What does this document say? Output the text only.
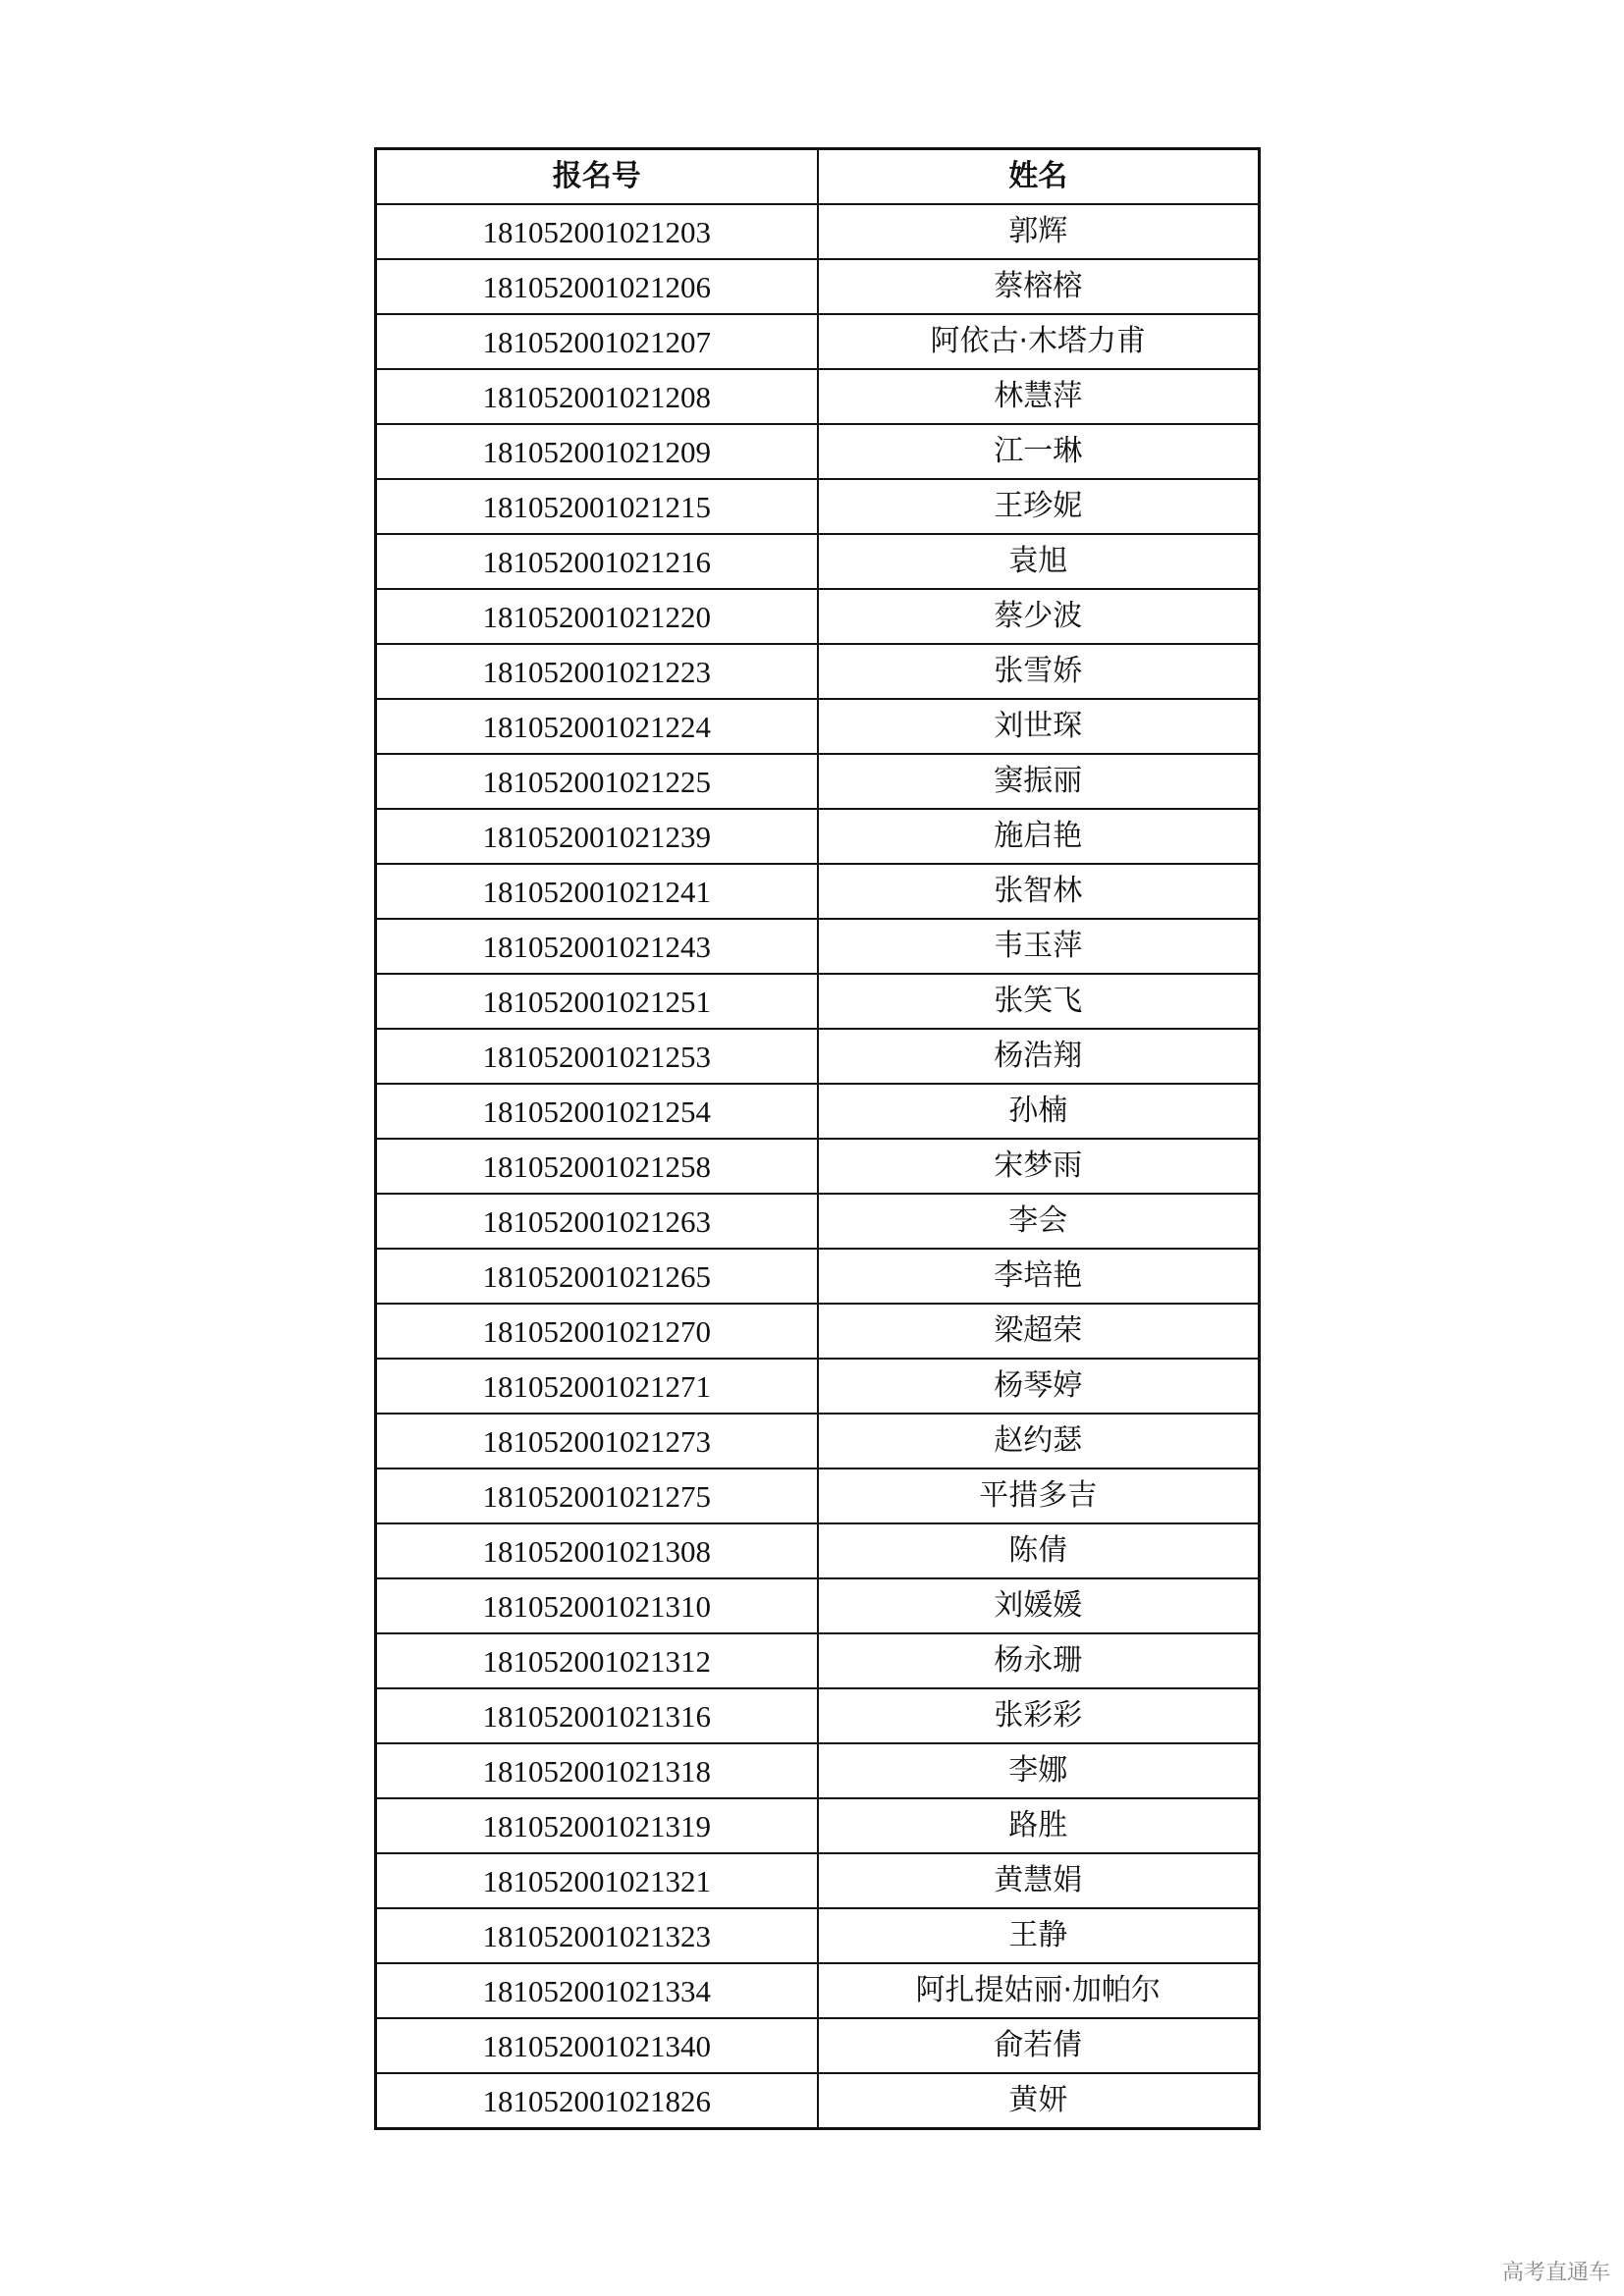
报名号	姓名
181052001021203	郭辉
181052001021206	蔡榕榕
181052001021207	阿依古·木塔力甫
181052001021208	林慧萍
181052001021209	江一琳
181052001021215	王珍妮
181052001021216	袁旭
181052001021220	蔡少波
181052001021223	张雪娇
181052001021224	刘世琛
181052001021225	窦振丽
181052001021239	施启艳
181052001021241	张智林
181052001021243	韦玉萍
181052001021251	张笑飞
181052001021253	杨浩翔
181052001021254	孙楠
181052001021258	宋梦雨
181052001021263	李会
181052001021265	李培艳
181052001021270	梁超荣
181052001021271	杨琴婷
181052001021273	赵约瑟
181052001021275	平措多吉
181052001021308	陈倩
181052001021310	刘媛媛
181052001021312	杨永珊
181052001021316	张彩彩
181052001021318	李娜
181052001021319	路胜
181052001021321	黄慧娟
181052001021323	王静
181052001021334	阿扎提姑丽·加帕尔
181052001021340	俞若倩
181052001021826	黄妍
高考直通车
